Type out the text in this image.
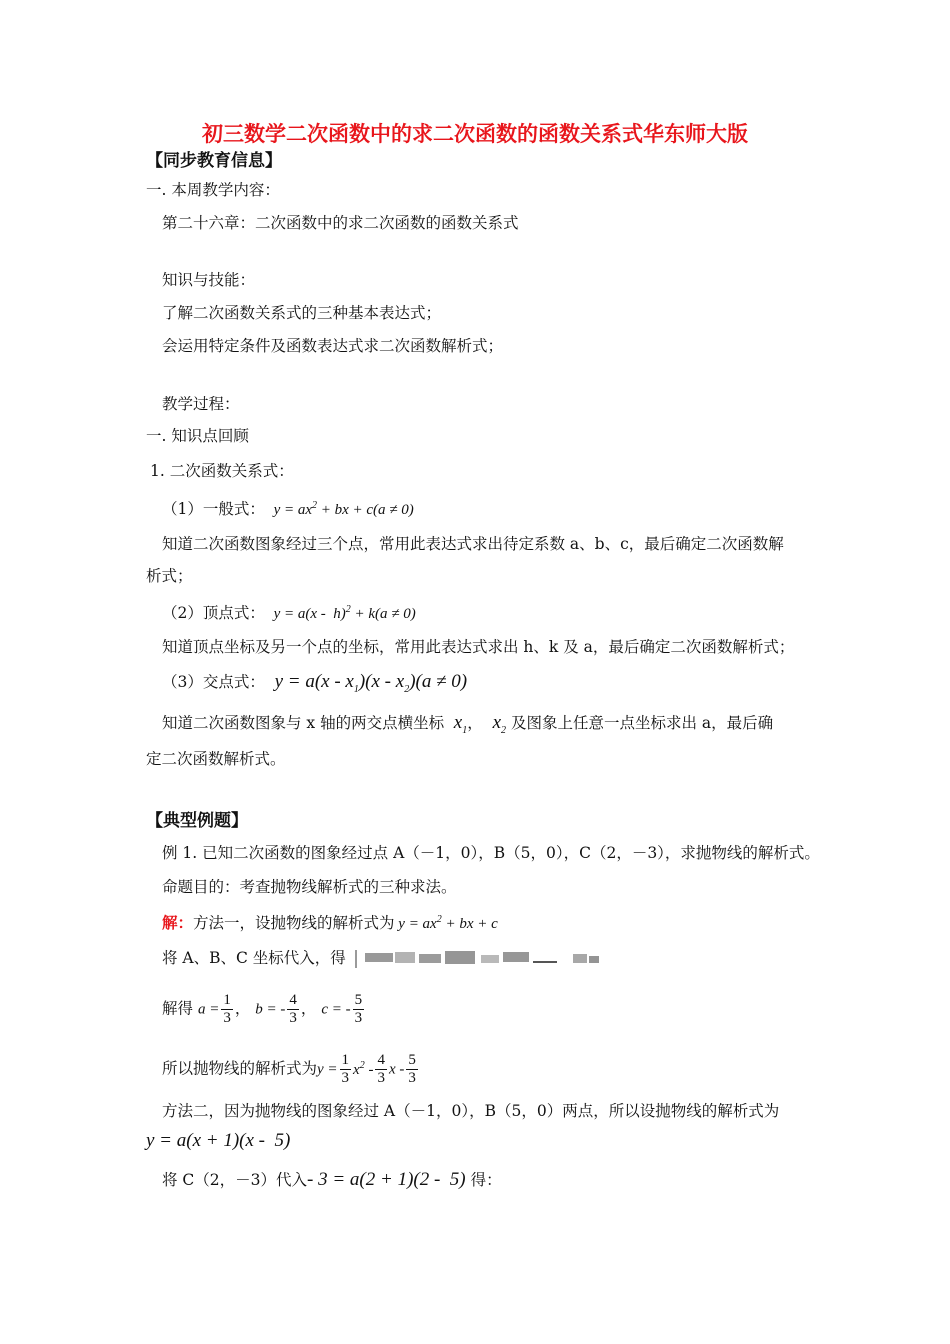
初三数学二次函数中的求二次函数的函数关系式华东师大版
【同步教育信息】
一. 本周教学内容：
第二十六章：二次函数中的求二次函数的函数关系式
知识与技能：
了解二次函数关系式的三种基本表达式；
会运用特定条件及函数表达式求二次函数解析式；
教学过程：
一. 知识点回顾
1. 二次函数关系式：
（1）一般式：  $y = ax^2$ + bx + c(a ≠ 0)
知道二次函数图象经过三个点，常用此表达式求出待定系数 a、b、c，最后确定二次函数解
析式；
（2）顶点式：  y = a(x -  h)$^2$ + k(a ≠ 0)
知道顶点坐标及另一个点的坐标，常用此表达式求出 h、k 及 a，最后确定二次函数解析式；
（3）交点式：  $y = a(x - x_1)(x - x_2)(a \ne 0)$
知道二次函数图象与 x 轴的两交点横坐标  $x_1$，  $x_2$ 及图象上任意一点坐标求出 a，最后确
定二次函数解析式。
【典型例题】
例 1. 已知二次函数的图象经过点 A（－1，0），B（5，0），C（2，－3），求抛物线的解析式。
命题目的：考查抛物线解析式的三种求法。
解：方法一，设抛物线的解析式为 $y = ax^2$ + bx + c
将 A、B、C 坐标代入，得
解得 $a = \frac{1}{3}$ ， b = - $\frac{4}{3}$ ， c = - $\frac{5}{3}$
所以抛物线的解析式为$y = \frac{1}{3} x^2 - \frac{4}{3}$ x - $\frac{5}{3}$
方法二，因为抛物线的图象经过 A（－1，0），B（5，0）两点，所以设抛物线的解析式为
y = a(x + 1)(x -  5)
将 C（2，－3）代入- 3 = a(2 + 1)(2 -  5) 得：
